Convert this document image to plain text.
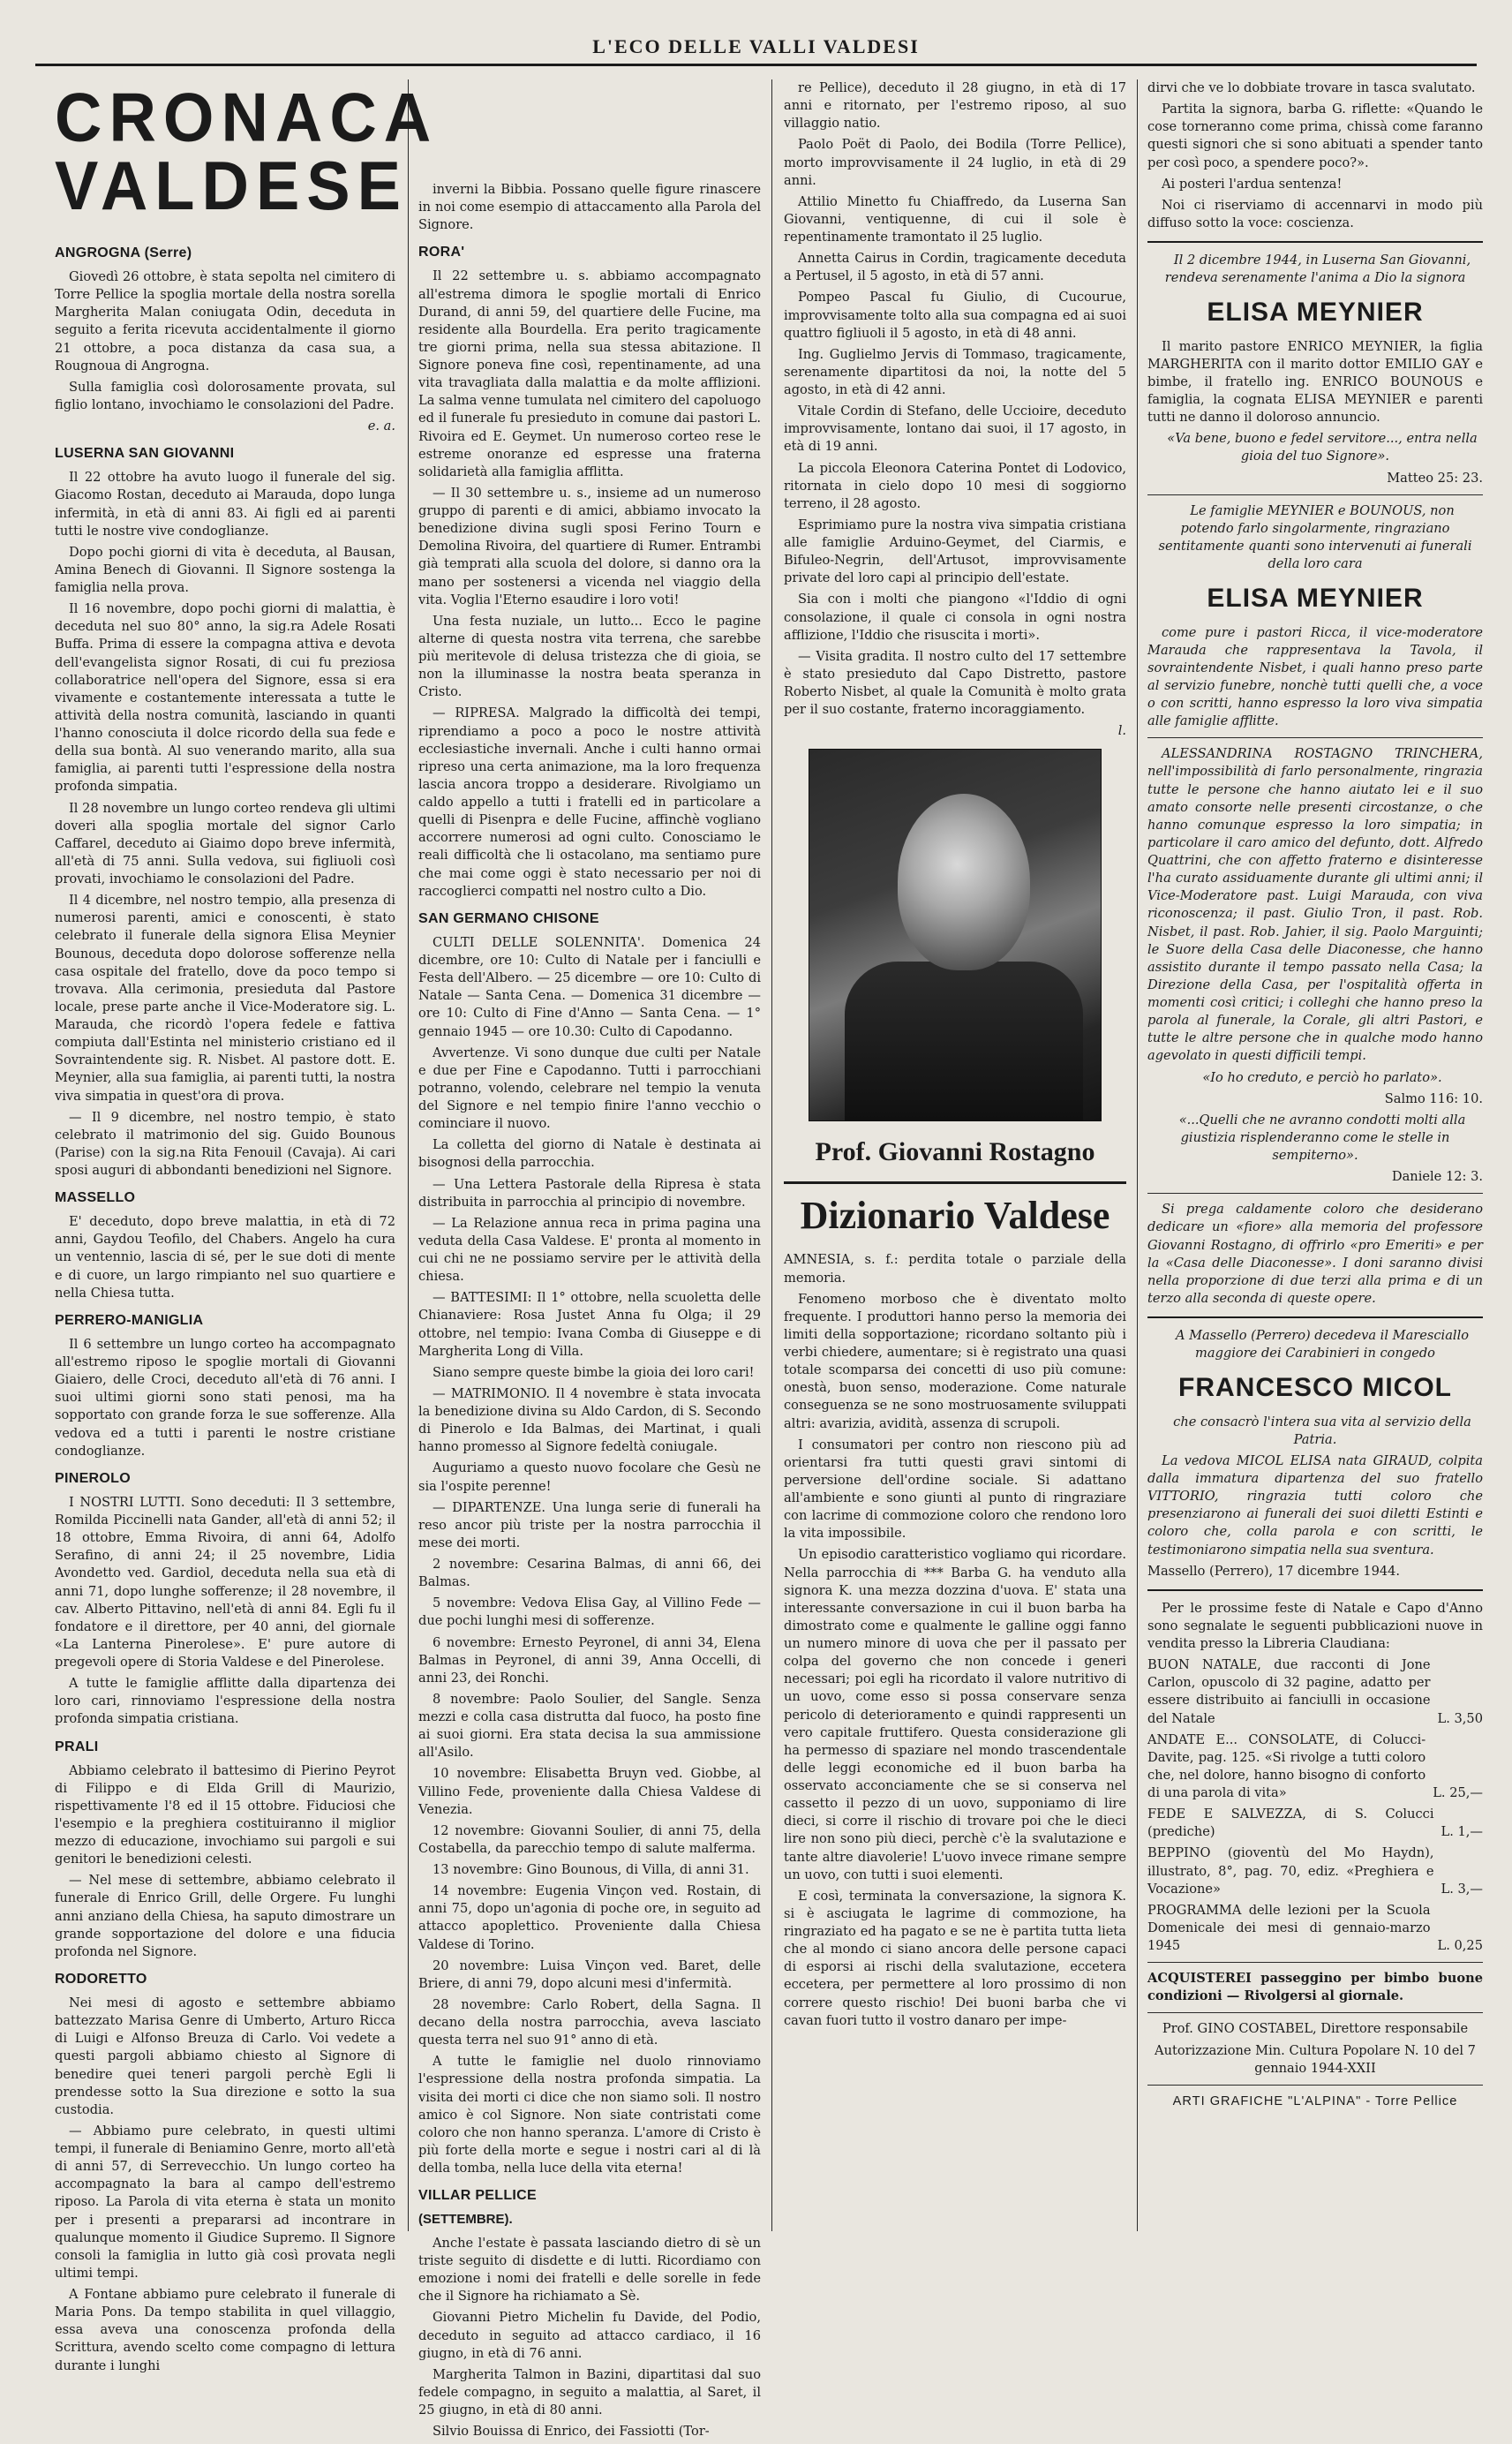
L'ECO DELLE VALLI VALDESI
CRONACA VALDESE
ANGROGNA (Serre)

Giovedì 26 ottobre, è stata sepolta nel cimitero di Torre Pellice la spoglia mortale della nostra sorella Margherita Malan coniugata Odin, deceduta in seguito a ferita ricevuta accidentalmente il giorno 21 ottobre, a poca distanza da casa sua, a Rougnoua di Angrogna.

Sulla famiglia così dolorosamente provata, sul figlio lontano, invochiamo le consolazioni del Padre.

e. a.

LUSERNA SAN GIOVANNI

Il 22 ottobre ha avuto luogo il funerale del sig. Giacomo Rostan, deceduto ai Marauda, dopo lunga infermità, in età di anni 83. Ai figli ed ai parenti tutti le nostre vive condoglianze.

Dopo pochi giorni di vita è deceduta, al Bausan, Amina Benech di Giovanni. Il Signore sostenga la famiglia nella prova.

Il 16 novembre, dopo pochi giorni di malattia, è deceduta nel suo 80° anno, la sig.ra Adele Rosati Buffa. Prima di essere la compagna attiva e devota dell'evangelista signor Rosati, di cui fu preziosa collaboratrice nell'opera del Signore, essa si era vivamente e costantemente interessata a tutte le attività della nostra comunità, lasciando in quanti l'hanno conosciuta il dolce ricordo della sua fede e della sua bontà. Al suo venerando marito, alla sua famiglia, ai parenti tutti l'espressione della nostra profonda simpatia.

Il 28 novembre un lungo corteo rendeva gli ultimi doveri alla spoglia mortale del signor Carlo Caffarel, deceduto ai Giaimo dopo breve infermità, all'età di 75 anni. Sulla vedova, sui figliuoli così provati, invochiamo le consolazioni del Padre.

Il 4 dicembre, nel nostro tempio, alla presenza di numerosi parenti, amici e conoscenti, è stato celebrato il funerale della signora Elisa Meynier Bounous, deceduta dopo dolorose sofferenze nella casa ospitale del fratello, dove da poco tempo si trovava. Alla cerimonia, presieduta dal Pastore locale, prese parte anche il Vice-Moderatore sig. L. Marauda, che ricordò l'opera fedele e fattiva compiuta dall'Estinta nel ministerio cristiano ed il Sovraintendente sig. R. Nisbet. Al pastore dott. E. Meynier, alla sua famiglia, ai parenti tutti, la nostra viva simpatia in quest'ora di prova.

— Il 9 dicembre, nel nostro tempio, è stato celebrato il matrimonio del sig. Guido Bounous (Parise) con la sig.na Rita Fenouil (Cavaja). Ai cari sposi auguri di abbondanti benedizioni nel Signore.

MASSELLO

E' deceduto, dopo breve malattia, in età di 72 anni, Gaydou Teofilo, del Chabers. Angelo ha cura un ventennio, lascia di sé, per le sue doti di mente e di cuore, un largo rimpianto nel suo quartiere e nella Chiesa tutta.

PERRERO-MANIGLIA

Il 6 settembre un lungo corteo ha accompagnato all'estremo riposo le spoglie mortali di Giovanni Giaiero, delle Croci, deceduto all'età di 76 anni. I suoi ultimi giorni sono stati penosi, ma ha sopportato con grande forza le sue sofferenze. Alla vedova ed a tutti i parenti le nostre cristiane condoglianze.

PINEROLO

I NOSTRI LUTTI. Sono deceduti: Il 3 settembre, Romilda Piccinelli nata Gander, all'età di anni 52; il 18 ottobre, Emma Rivoira, di anni 64, Adolfo Serafino, di anni 24; il 25 novembre, Lidia Avondetto ved. Gardiol, deceduta nella sua età di anni 71, dopo lunghe sofferenze; il 28 novembre, il cav. Alberto Pittavino, nell'età di anni 84. Egli fu il fondatore e il direttore, per 40 anni, del giornale «La Lanterna Pinerolese». E' pure autore di pregevoli opere di Storia Valdese e del Pinerolese.

A tutte le famiglie afflitte dalla dipartenza dei loro cari, rinnoviamo l'espressione della nostra profonda simpatia cristiana.

PRALI

Abbiamo celebrato il battesimo di Pierino Peyrot di Filippo e di Elda Grill di Maurizio, rispettivamente l'8 ed il 15 ottobre. Fiduciosi che l'esempio e la preghiera costituiranno il miglior mezzo di educazione, invochiamo sui pargoli e sui genitori le benedizioni celesti.

— Nel mese di settembre, abbiamo celebrato il funerale di Enrico Grill, delle Orgere. Fu lunghi anni anziano della Chiesa, ha saputo dimostrare un grande sopportazione del dolore e una fiducia profonda nel Signore.

RODORETTO

Nei mesi di agosto e settembre abbiamo battezzato Marisa Genre di Umberto, Arturo Ricca di Luigi e Alfonso Breuza di Carlo. Voi vedete a questi pargoli abbiamo chiesto al Signore di benedire quei teneri pargoli perchè Egli li prendesse sotto la Sua direzione e sotto la sua custodia.

— Abbiamo pure celebrato, in questi ultimi tempi, il funerale di Beniamino Genre, morto all'età di anni 57, di Serrevecchio. Un lungo corteo ha accompagnato la bara al campo dell'estremo riposo. La Parola di vita eterna è stata un monito per i presenti a prepararsi ad incontrare in qualunque momento il Giudice Supremo. Il Signore consoli la famiglia in lutto già così provata negli ultimi tempi.

A Fontane abbiamo pure celebrato il funerale di Maria Pons. Da tempo stabilita in quel villaggio, essa aveva una conoscenza profonda della Scrittura, avendo scelto come compagno di lettura durante i lunghi

inverni la Bibbia. Possano quelle figure rinascere in noi come esempio di attaccamento alla Parola del Signore.

RORA'

Il 22 settembre u. s. abbiamo accompagnato all'estrema dimora le spoglie mortali di Enrico Durand, di anni 59, del quartiere delle Fucine, ma residente alla Bourdella. Era perito tragicamente tre giorni prima, nella sua stessa abitazione. Il Signore poneva fine così, repentinamente, ad una vita travagliata dalla malattia e da molte afflizioni. La salma venne tumulata nel cimitero del capoluogo ed il funerale fu presieduto in comune dai pastori L. Rivoira ed E. Geymet. Un numeroso corteo rese le estreme onoranze ed espresse una fraterna solidarietà alla famiglia afflitta.

— Il 30 settembre u. s., insieme ad un numeroso gruppo di parenti e di amici, abbiamo invocato la benedizione divina sugli sposi Ferino Tourn e Demolina Rivoira, del quartiere di Rumer. Entrambi già temprati alla scuola del dolore, si danno ora la mano per sostenersi a vicenda nel viaggio della vita. Voglia l'Eterno esaudire i loro voti!

Una festa nuziale, un lutto... Ecco le pagine alterne di questa nostra vita terrena, che sarebbe più meritevole di delusa tristezza che di gioia, se non la illuminasse la nostra beata speranza in Cristo.

— RIPRESA. Malgrado la difficoltà dei tempi, riprendiamo a poco a poco le nostre attività ecclesiastiche invernali. Anche i culti hanno ormai ripreso una certa animazione, ma la loro frequenza lascia ancora troppo a desiderare. Rivolgiamo un caldo appello a tutti i fratelli ed in particolare a quelli di Pisenpra e delle Fucine, affinchè vogliano accorrere numerosi ad ogni culto. Conosciamo le reali difficoltà che li ostacolano, ma sentiamo pure che mai come oggi è stato necessario per noi di raccoglierci compatti nel nostro culto a Dio.

SAN GERMANO CHISONE

CULTI DELLE SOLENNITA'. Domenica 24 dicembre, ore 10: Culto di Natale per i fanciulli e Festa dell'Albero. — 25 dicembre — ore 10: Culto di Natale — Santa Cena. — Domenica 31 dicembre — ore 10: Culto di Fine d'Anno — Santa Cena. — 1° gennaio 1945 — ore 10.30: Culto di Capodanno.

Avvertenze. Vi sono dunque due culti per Natale e due per Fine e Capodanno. Tutti i parrocchiani potranno, volendo, celebrare nel tempio la venuta del Signore e nel tempio finire l'anno vecchio o cominciare il nuovo.

La colletta del giorno di Natale è destinata ai bisognosi della parrocchia.

— Una Lettera Pastorale della Ripresa è stata distribuita in parrocchia al principio di novembre.

— La Relazione annua reca in prima pagina una veduta della Casa Valdese. E' pronta al momento in cui chi ne ne possiamo servire per le attività della chiesa.

— BATTESIMI: Il 1° ottobre, nella scuoletta delle Chianaviere: Rosa Justet Anna fu Olga; il 29 ottobre, nel tempio: Ivana Comba di Giuseppe e di Margherita Long di Villa.

Siano sempre queste bimbe la gioia dei loro cari!

— MATRIMONIO. Il 4 novembre è stata invocata la benedizione divina su Aldo Cardon, di S. Secondo di Pinerolo e Ida Balmas, dei Martinat, i quali hanno promesso al Signore fedeltà coniugale.

Auguriamo a questo nuovo focolare che Gesù ne sia l'ospite perenne!

— DIPARTENZE. Una lunga serie di funerali ha reso ancor più triste per la nostra parrocchia il mese dei morti.

2 novembre: Cesarina Balmas, di anni 66, dei Balmas.

5 novembre: Vedova Elisa Gay, al Villino Fede — due pochi lunghi mesi di sofferenze.

6 novembre: Ernesto Peyronel, di anni 34, Elena Balmas in Peyronel, di anni 39, Anna Occelli, di anni 23, dei Ronchi.

8 novembre: Paolo Soulier, del Sangle. Senza mezzi e colla casa distrutta dal fuoco, ha posto fine ai suoi giorni. Era stata decisa la sua ammissione all'Asilo.

10 novembre: Elisabetta Bruyn ved. Giobbe, al Villino Fede, proveniente dalla Chiesa Valdese di Venezia.

12 novembre: Giovanni Soulier, di anni 75, della Costabella, da parecchio tempo di salute malferma.

13 novembre: Gino Bounous, di Villa, di anni 31.

14 novembre: Eugenia Vinçon ved. Rostain, di anni 75, dopo un'agonia di poche ore, in seguito ad attacco apoplettico. Proveniente dalla Chiesa Valdese di Torino.

20 novembre: Luisa Vinçon ved. Baret, delle Briere, di anni 79, dopo alcuni mesi d'infermità.

28 novembre: Carlo Robert, della Sagna. Il decano della nostra parrocchia, aveva lasciato questa terra nel suo 91° anno di età.

A tutte le famiglie nel duolo rinnoviamo l'espressione della nostra profonda simpatia. La visita dei morti ci dice che non siamo soli. Il nostro amico è col Signore. Non siate contristati come coloro che non hanno speranza. L'amore di Cristo è più forte della morte e segue i nostri cari al di là della tomba, nella luce della vita eterna!

VILLAR PELLICE
(SETTEMBRE).

Anche l'estate è passata lasciando dietro di sè un triste seguito di disdette e di lutti. Ricordiamo con emozione i nomi dei fratelli e delle sorelle in fede che il Signore ha richiamato a Sè.

Giovanni Pietro Michelin fu Davide, del Podio, deceduto in seguito ad attacco cardiaco, il 16 giugno, in età di 76 anni.

Margherita Talmon in Bazini, dipartitasi dal suo fedele compagno, in seguito a malattia, al Saret, il 25 giugno, in età di 80 anni.

Silvio Bouissa di Enrico, dei Fassiotti (Tor-

re Pellice), deceduto il 28 giugno, in età di 17 anni e ritornato, per l'estremo riposo, al suo villaggio natio.

Paolo Poët di Paolo, dei Bodila (Torre Pellice), morto improvvisamente il 24 luglio, in età di 29 anni.

Attilio Minetto fu Chiaffredo, da Luserna San Giovanni, ventiquenne, di cui il sole è repentinamente tramontato il 25 luglio.

Annetta Cairus in Cordin, tragicamente deceduta a Pertusel, il 5 agosto, in età di 57 anni.

Pompeo Pascal fu Giulio, di Cucourue, improvvisamente tolto alla sua compagna ed ai suoi quattro figliuoli il 5 agosto, in età di 48 anni.

Ing. Guglielmo Jervis di Tommaso, tragicamente, serenamente dipartitosi da noi, la notte del 5 agosto, in età di 42 anni.

Vitale Cordin di Stefano, delle Uccioire, deceduto improvvisamente, lontano dai suoi, il 17 agosto, in età di 19 anni.

La piccola Eleonora Caterina Pontet di Lodovico, ritornata in cielo dopo 10 mesi di soggiorno terreno, il 28 agosto.

Esprimiamo pure la nostra viva simpatia cristiana alle famiglie Arduino-Geymet, del Ciarmis, e Bifuleo-Negrin, dell'Artusot, improvvisamente private del loro capi al principio dell'estate.

Sia con i molti che piangono «l'Iddio di ogni consolazione, il quale ci consola in ogni nostra afflizione, l'Iddio che risuscita i morti».

— Visita gradita. Il nostro culto del 17 settembre è stato presieduto dal Capo Distretto, pastore Roberto Nisbet, al quale la Comunità è molto grata per il suo costante, fraterno incoraggiamento.

l.

Prof. Giovanni Rostagno
Dizionario Valdese

AMNESIA, s. f.: perdita totale o parziale della memoria.

Fenomeno morboso che è diventato molto frequente. I produttori hanno perso la memoria dei limiti della sopportazione; ricordano soltanto più i verbi chiedere, aumentare; si è registrato una quasi totale scomparsa dei concetti di uso più comune: onestà, buon senso, moderazione. Come naturale conseguenza se ne sono mostruosamente sviluppati altri: avarizia, avidità, assenza di scrupoli.

I consumatori per contro non riescono più ad orientarsi fra tutti questi gravi sintomi di perversione dell'ordine sociale. Si adattano all'ambiente e sono giunti al punto di ringraziare con lacrime di commozione coloro che rendono loro la vita impossibile.

Un episodio caratteristico vogliamo qui ricordare. Nella parrocchia di *** Barba G. ha venduto alla signora K. una mezza dozzina d'uova. E' stata una interessante conversazione in cui il buon barba ha dimostrato come e qualmente le galline oggi fanno un numero minore di uova che per il passato per colpa del governo che non concede i generi necessari; poi egli ha ricordato il valore nutritivo di un uovo, come esso si possa conservare senza pericolo di deterioramento e quindi rappresenti un vero capitale fruttifero. Questa considerazione gli ha permesso di spaziare nel mondo trascendentale delle leggi economiche ed il buon barba ha osservato acconciamente che se si conserva nel cassetto il pezzo di un uovo, supponiamo di lire dieci, si corre il rischio di trovare poi che le dieci lire non sono più dieci, perchè c'è la svalutazione e tante altre diavolerie! L'uovo invece rimane sempre un uovo, con tutti i suoi elementi.

E così, terminata la conversazione, la signora K. si è asciugata le lagrime di commozione, ha ringraziato ed ha pagato e se ne è partita tutta lieta che al mondo ci siano ancora delle persone capaci di esporsi ai rischi della svalutazione, eccetera eccetera, per permettere al loro prossimo di non correre questo rischio! Dei buoni barba che vi cavan fuori tutto il vostro danaro per impe-

dirvi che ve lo dobbiate trovare in tasca svalutato.

Partita la signora, barba G. riflette: «Quando le cose torneranno come prima, chissà come faranno questi signori che si sono abituati a spender tanto per così poco, a spendere poco?».

Ai posteri l'ardua sentenza!

Noi ci riserviamo di accennarvi in modo più diffuso sotto la voce: coscienza.

Il 2 dicembre 1944, in Luserna San Giovanni, rendeva serenamente l'anima a Dio la signora

ELISA MEYNIER

Il marito pastore ENRICO MEYNIER, la figlia MARGHERITA con il marito dottor EMILIO GAY e bimbe, il fratello ing. ENRICO BOUNOUS e famiglia, la cognata ELISA MEYNIER e parenti tutti ne danno il doloroso annuncio.

«Va bene, buono e fedel servitore..., entra nella gioia del tuo Signore».

Matteo 25: 23.

Le famiglie MEYNIER e BOUNOUS, non potendo farlo singolarmente, ringraziano sentitamente quanti sono intervenuti ai funerali della loro cara

ELISA MEYNIER

come pure i pastori Ricca, il vice-moderatore Marauda che rappresentava la Tavola, il sovraintendente Nisbet, i quali hanno preso parte al servizio funebre, nonchè tutti quelli che, a voce o con scritti, hanno espresso la loro viva simpatia alle famiglie afflitte.

ALESSANDRINA ROSTAGNO TRINCHERA, nell'impossibilità di farlo personalmente, ringrazia tutte le persone che hanno aiutato lei e il suo amato consorte nelle presenti circostanze, o che hanno comunque espresso la loro simpatia; in particolare il caro amico del defunto, dott. Alfredo Quattrini, che con affetto fraterno e disinteresse l'ha curato assiduamente durante gli ultimi anni; il Vice-Moderatore past. Luigi Marauda, con viva riconoscenza; il past. Giulio Tron, il past. Rob. Nisbet, il past. Rob. Jahier, il sig. Paolo Marguinti; le Suore della Casa delle Diaconesse, che hanno assistito durante il tempo passato nella Casa; la Direzione della Casa, per l'ospitalità offerta in momenti così critici; i colleghi che hanno preso la parola al funerale, la Corale, gli altri Pastori, e tutte le altre persone che in qualche modo hanno agevolato in questi difficili tempi.

«Io ho creduto, e perciò ho parlato».

Salmo 116: 10.

«...Quelli che ne avranno condotti molti alla giustizia risplenderanno come le stelle in sempiterno».

Daniele 12: 3.

Si prega caldamente coloro che desiderano dedicare un «fiore» alla memoria del professore Giovanni Rostagno, di offrirlo «pro Emeriti» e per la «Casa delle Diaconesse». I doni saranno divisi nella proporzione di due terzi alla prima e di un terzo alla seconda di queste opere.

A Massello (Perrero) decedeva il Maresciallo maggiore dei Carabinieri in congedo

FRANCESCO MICOL

che consacrò l'intera sua vita al servizio della Patria.

La vedova MICOL ELISA nata GIRAUD, colpita dalla immatura dipartenza del suo fratello VITTORIO, ringrazia tutti coloro che presenziarono ai funerali dei suoi diletti Estinti e coloro che, colla parola e con scritti, le testimoniarono simpatia nella sua sventura.

Massello (Perrero), 17 dicembre 1944.

Per le prossime feste di Natale e Capo d'Anno sono segnalate le seguenti pubblicazioni nuove in vendita presso la Libreria Claudiana:

BUON NATALE, due racconti di Jone Carlon, opuscolo di 32 pagine, adatto per essere distribuito ai fanciulli in occasione del Natale	L. 3,50
ANDATE E... CONSOLATE, di Colucci-Davite, pag. 125. «Si rivolge a tutti coloro che, nel dolore, hanno bisogno di conforto di una parola di vita»	L. 25,—
FEDE E SALVEZZA, di S. Colucci (prediche)	L. 1,—
BEPPINO (gioventù del Mo Haydn), illustrato, 8°, pag. 70, ediz. «Preghiera e Vocazione»	L. 3,—
PROGRAMMA delle lezioni per la Scuola Domenicale dei mesi di gennaio-marzo 1945	L. 0,25

ACQUISTEREI passeggino per bimbo buone condizioni — Rivolgersi al giornale.

Prof. GINO COSTABEL, Direttore responsabile

Autorizzazione Min. Cultura Popolare N. 10 del 7 gennaio 1944-XXII

ARTI GRAFICHE "L'ALPINA" - Torre Pellice
